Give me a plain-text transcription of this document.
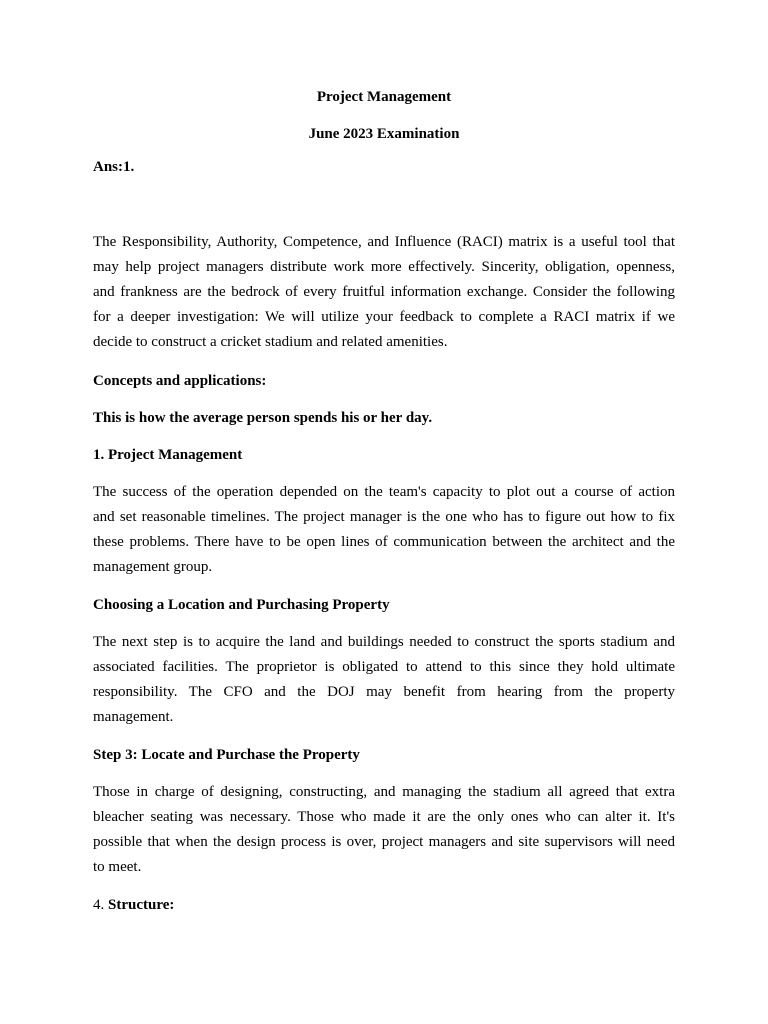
Project Management
June 2023 Examination
Ans:1.
The Responsibility, Authority, Competence, and Influence (RACI) matrix is a useful tool that
may help project managers distribute work more effectively. Sincerity, obligation, openness,
and frankness are the bedrock of every fruitful information exchange. Consider the following
for a deeper investigation: We will utilize your feedback to complete a RACI matrix if we
decide to construct a cricket stadium and related amenities.
Concepts and applications:
This is how the average person spends his or her day.
1. Project Management
The success of the operation depended on the team's capacity to plot out a course of action
and set reasonable timelines. The project manager is the one who has to figure out how to fix
these problems. There have to be open lines of communication between the architect and the
management group.
Choosing a Location and Purchasing Property
The next step is to acquire the land and buildings needed to construct the sports stadium and
associated facilities. The proprietor is obligated to attend to this since they hold ultimate
responsibility. The CFO and the DOJ may benefit from hearing from the property
management.
Step 3: Locate and Purchase the Property
Those in charge of designing, constructing, and managing the stadium all agreed that extra
bleacher seating was necessary. Those who made it are the only ones who can alter it. It's
possible that when the design process is over, project managers and site supervisors will need
to meet.
4. Structure:
